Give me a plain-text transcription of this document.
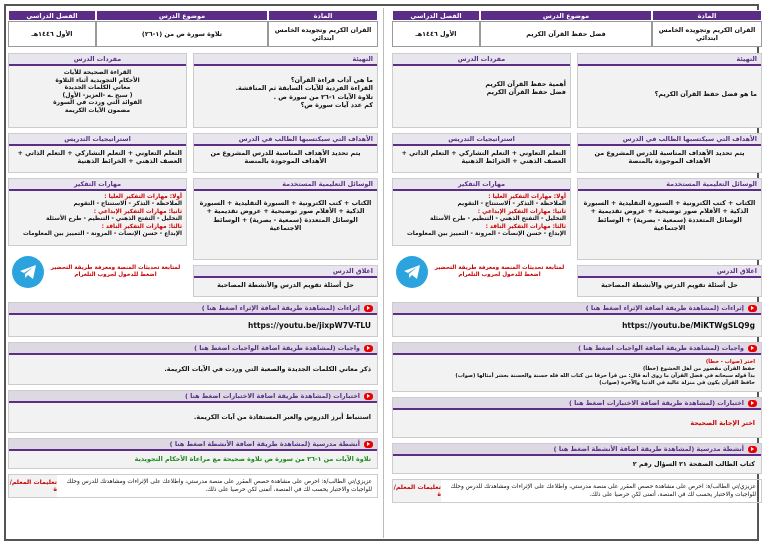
المادة
موضوع الدرس
الفصل الدراسي
القران الكريم وتجويده الخامس ابتدائي
فضل حفظ القرآن الكريم
الأول ١٤٤٦هـ
التهيئة
ما هو فضل حفظ القرآن الكريم؟
الأهداف التي سيكتسبها الطالب في الدرس
يتم تحديد الأهداف المناسبة للدرس المشروع من الأهداف الموجودة بالمنصة
الوسائل التعليمية المستخدمة
الكتاب + كتب الكترونية + السبورة التقليدية + السبورة الذكية + الأقلام صور توضيحية + عروض تقديمية + الوسائل المتعددة (سمعية - بصرية) + الوسائط الاجتماعية
اغلاق الدرس
حل أسئلة تقويم الدرس والأنشطة المصاحبة
مفردات الدرس
أهمية حفظ القرآن الكريم
فضل حفظ القرآن الكريم
استراتيجيات التدريس
التعلم التعاوني + التعلم التشاركي + التعلم الذاتي + العصف الذهني + الخرائط الذهنية
مهارات التفكير
أولا: مهارات التفكير العليا :
الملاحظة - التذكر - الاستنتاج - التقويم
ثانيا: مهارات التفكير الإبداعي :
التحليل - التفتح الذهني - التنظيم - طرح الأسئلة
ثالثا: مهارات التفكير الناقد :
الإبداع - حسن الإنصات - المرونة - التمييز بين المعلومات
لمتابعة تحديثات المنصة ومعرفة طريقة التحضير اضغط للدخول لجروب التلغرام
إثراءات (لمشاهدة طريقة اضافة الإثراء اضغط هنا )
https://youtu.be/MiKTWgSLQ9g
واجبات (لمشاهدة طريقة اضافة الواجبات اضغط هنا )
اختر (صواب - خطأ)
حفظ القرآن مقصور من أهل الخشوع (خطأ)
بدأ قوله سبحانه في فضل القرآن ما روى أنه قال: من قرأ حرفا من كتاب الله فله حسنة والحسنة بعشر أمثالها (صواب)
حافظ القرآن يكون في منزلة عالية في الدنيا والآخرة (صواب)
اختبارات (لمشاهدة طريقة اضافة الاختبارات اضغط هنا )
اختر الإجابة الصحيحة
أنشطة مدرسية (لمشاهدة طريقة اضافة الأنشطة اضغط هنا )
كتاب الطالب الصفحة ٢١ السؤال رقم ٢
عزيزي/تي الطالب/ة: احرص على مشاهدة حصص المقرر على منصة مدرستي، واطلاعك على الإثراءات ومشاهدتك للدرس وحلك للواجبات والاختبار يحسب لك في المنصة، أتمنى لكن حرصيا على ذلك.
تعليمات المعلم/ة
المادة
موضوع الدرس
الفصل الدراسي
القران الكريم وتجويده الخامس ابتدائي
تلاوة سورة ص من (١-٢٦)
الأول ١٤٤٦هـ
التهيئة
ما هي آداب قراءة القرآن؟
القراءة الفردية للآيات السابقة ثم المناقشة.
تلاوة الآيات ١-٢٦ من سورة ص .
كم عدد آيات سورة ص؟
الأهداف التي سيكتسبها الطالب في الدرس
يتم تحديد الأهداف المناسبة للدرس المشروع من الأهداف الموجودة بالمنصة
الوسائل التعليمية المستخدمة
الكتاب + كتب الكترونية + السبورة التقليدية + السبورة الذكية + الأقلام صور توضيحية + عروض تقديمية + الوسائل المتعددة (سمعية - بصرية) + الوسائط الاجتماعية
اغلاق الدرس
حل أسئلة تقويم الدرس والأنشطة المصاحبة
مفردات الدرس
القراءة الصحيحة للآيات
الأحكام التجويدية أثناء التلاوة
معاني الكلمات الجديدة
( سبح ـه -العزيز- الأول)
الفوائد التي وردت في السورة
مضمون الآيات الكريمة
استراتيجيات التدريس
التعلم التعاوني + التعلم التشاركي + التعلم الذاتي + العصف الذهني + الخرائط الذهنية
مهارات التفكير
أولا: مهارات التفكير العليا :
الملاحظة - التذكر - الاستنتاج - التقويم
ثانيا: مهارات التفكير الإبداعي :
التحليل - التفتح الذهني - التنظيم - طرح الأسئلة
ثالثا: مهارات التفكير الناقد :
الإبداع - حسن الإنصات - المرونة - التمييز بين المعلومات
لمتابعة تحديثات المنصة ومعرفة طريقة التحضير اضغط للدخول لجروب التلغرام
إثراءات (لمشاهدة طريقة اضافة الإثراء اضغط هنا )
https://youtu.be/jixpW7V-TLU
واجبات (لمشاهدة طريقة اضافة الواجبات اضغط هنا )
ذكر معاني الكلمات الجديدة والصعبة التي وردت في الآيات الكريمة.
اختبارات (لمشاهدة طريقة اضافة الاختبارات اضغط هنا )
استنباط أبرز الدروس والعبر المستفادة من آيات الكريمة.
أنشطة مدرسية (لمشاهدة طريقة اضافة الأنشطة اضغط هنا )
تلاوة الآيات من ١-٢٦ من سورة ص تلاوة صحيحة مع مراعاة الأحكام التجويدية
عزيزي/تي الطالب/ة: احرص على مشاهدة حصص المقرر على منصة مدرستي، واطلاعك على الإثراءات ومشاهدتك للدرس وحلك للواجبات والاختبار يحسب لك في المنصة، أتمنى لكن حرصيا على ذلك.
تعليمات المعلم/ة
